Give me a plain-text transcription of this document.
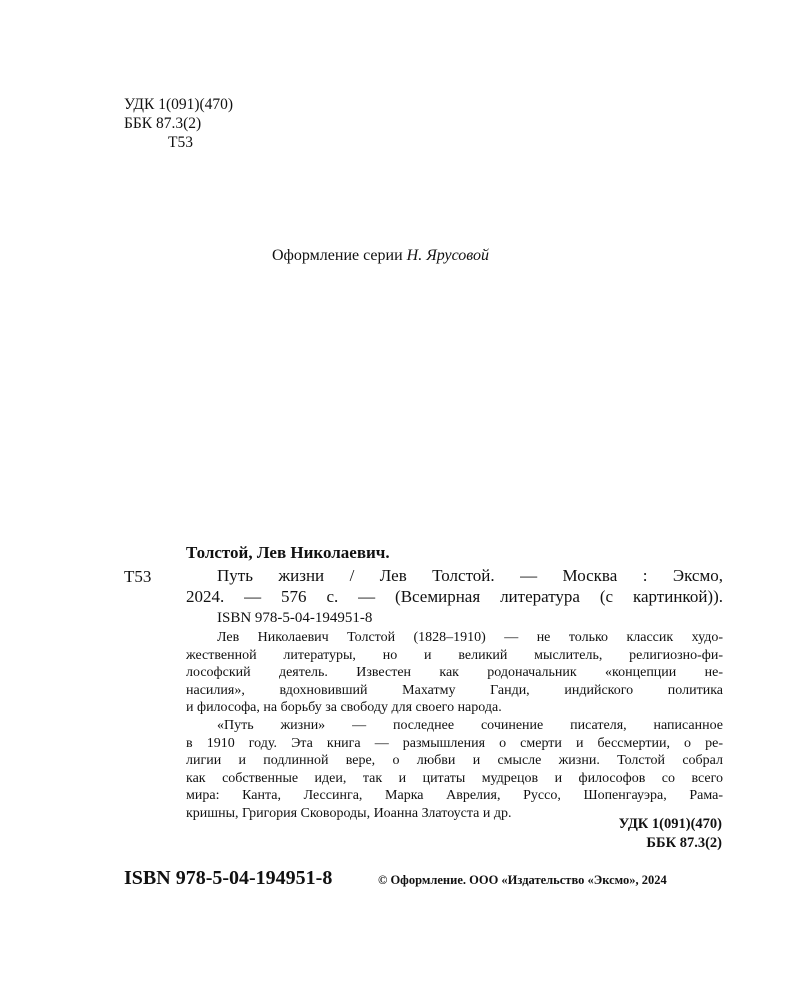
УДК 1(091)(470)
ББК 87.3(2)
Т53
Оформление серии Н. Ярусовой
Толстой, Лев Николаевич.
Т53	Путь жизни / Лев Толстой. — Москва : Эксмо,
2024. — 576 с. — (Всемирная литература (с картинкой)).
ISBN 978-5-04-194951-8

Лев Николаевич Толстой (1828–1910) — не только классик худо-
жественной литературы, но и великий мыслитель, религиозно-фи-
лософский деятель. Известен как родоначальник «концепции не-
насилия», вдохновивший Махатму Ганди, индийского политика
и философа, на борьбу за свободу для своего народа.

«Путь жизни» — последнее сочинение писателя, написанное
в 1910 году. Эта книга — размышления о смерти и бессмертии, о ре-
лигии и подлинной вере, о любви и смысле жизни. Толстой собрал
как собственные идеи, так и цитаты мудрецов и философов со всего
мира: Канта, Лессинга, Марка Аврелия, Руссо, Шопенгауэра, Рама-
кришны, Григория Сковороды, Иоанна Златоуста и др.

УДК 1(091)(470)
ББК 87.3(2)
ISBN 978-5-04-194951-8	© Оформление. ООО «Издательство «Эксмо», 2024
